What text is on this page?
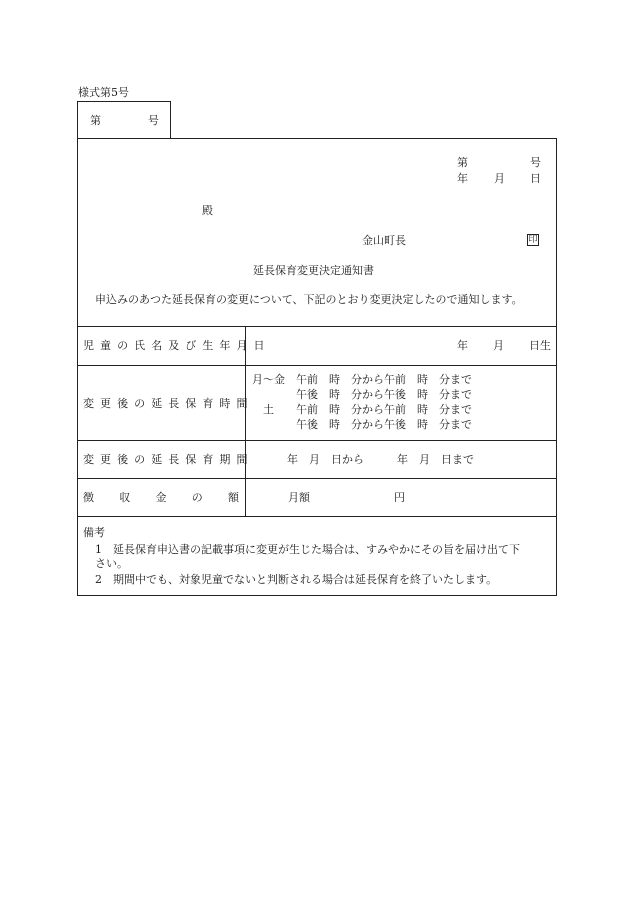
様式第5号
第	号
第	号
年 月 日
殿
金山町長	印
延長保育変更決定通知書
申込みのあつた延長保育の変更について、下記のとおり変更決定したので通知します。
児童の氏名及び生年月日	年 月 日生
変更後の延長保育時間
月～金　午前　時　分から午前　時　分まで
　　　　午後　時　分から午後　時　分まで
　土　　午前　時　分から午前　時　分まで
　　　　午後　時　分から午後　時　分まで
変更後の延長保育期間	年　月　日から　　　年　月　日まで
徴 収 金 の 額	月額	円
備考
1 延長保育申込書の記載事項に変更が生じた場合は、すみやかにその旨を届け出て下
さい。
2 期間中でも、対象児童でないと判断される場合は延長保育を終了いたします。
